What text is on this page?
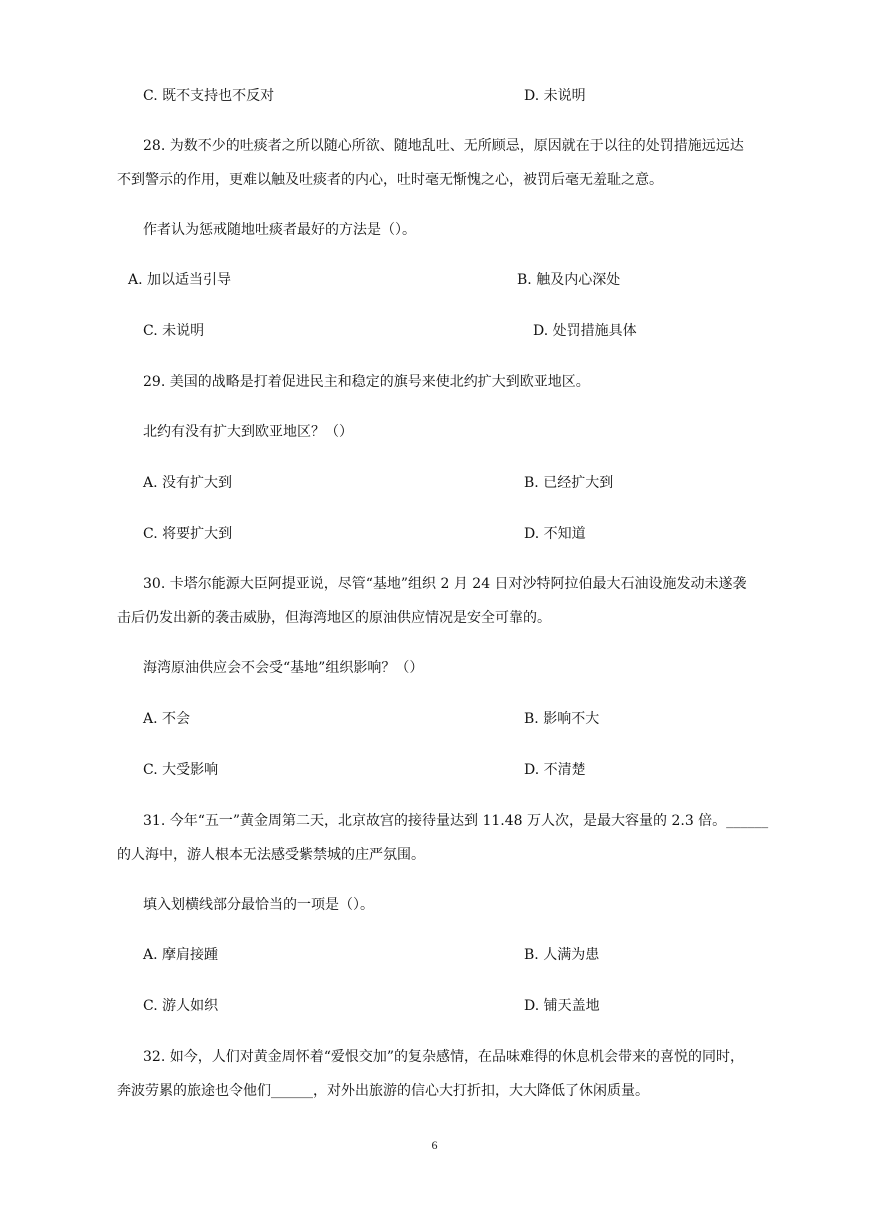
C. 既不支持也不反对	D. 未说明
28. 为数不少的吐痰者之所以随心所欲、随地乱吐、无所顾忌，原因就在于以往的处罚措施远远达
不到警示的作用，更难以触及吐痰者的内心，吐时毫无惭愧之心，被罚后毫无羞耻之意。
作者认为惩戒随地吐痰者最好的方法是（）。
A. 加以适当引导	B. 触及内心深处
C. 未说明	D. 处罚措施具体
29. 美国的战略是打着促进民主和稳定的旗号来使北约扩大到欧亚地区。
北约有没有扩大到欧亚地区？（）
A. 没有扩大到	B. 已经扩大到
C. 将要扩大到	D. 不知道
30. 卡塔尔能源大臣阿提亚说，尽管“基地”组织 2 月 24 日对沙特阿拉伯最大石油设施发动未遂袭
击后仍发出新的袭击威胁，但海湾地区的原油供应情况是安全可靠的。
海湾原油供应会不会受“基地”组织影响？（）
A. 不会	B. 影响不大
C. 大受影响	D. 不清楚
31. 今年“五一”黄金周第二天，北京故宫的接待量达到 11.48 万人次，是最大容量的 2.3 倍。______
的人海中，游人根本无法感受紫禁城的庄严氛围。
填入划横线部分最恰当的一项是（）。
A. 摩肩接踵	B. 人满为患
C. 游人如织	D. 铺天盖地
32. 如今，人们对黄金周怀着“爱恨交加”的复杂感情，在品味难得的休息机会带来的喜悦的同时，
奔波劳累的旅途也令他们______，对外出旅游的信心大打折扣，大大降低了休闲质量。
6
